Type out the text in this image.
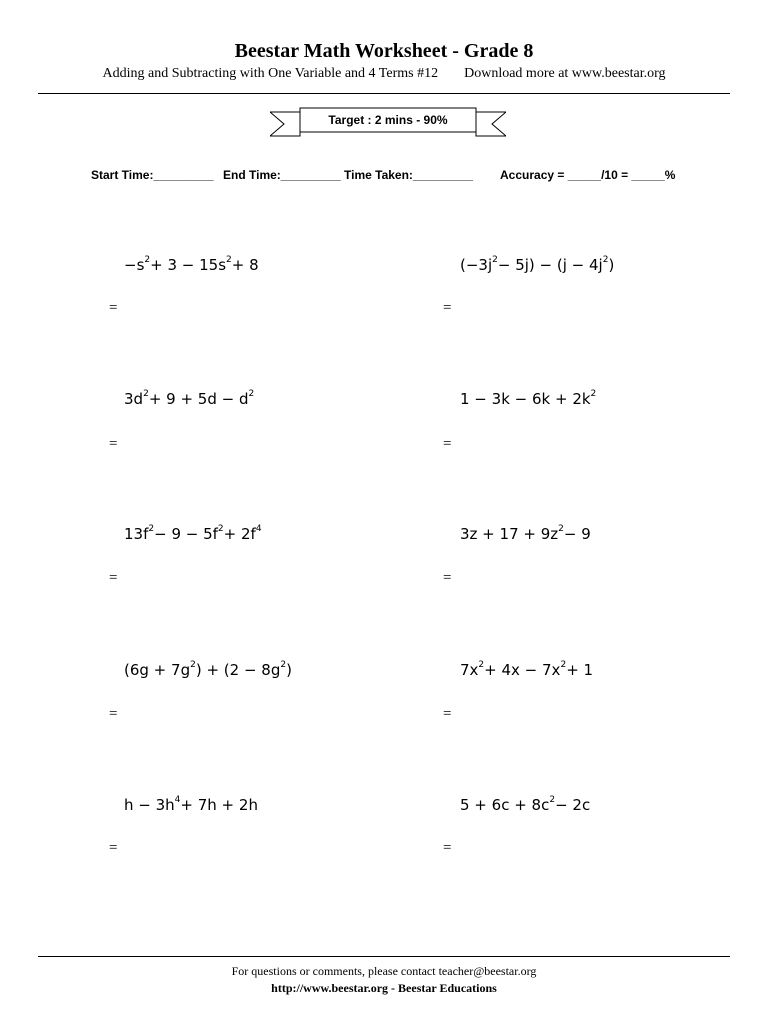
Beestar Math Worksheet - Grade 8
Adding and Subtracting with One Variable and 4 Terms #12 Download more at www.beestar.org
Target : 2 mins - 90%
Start Time:_________ End Time:_________ Time Taken:_________ Accuracy = _____/10 = _____%
$-s^2+ 3 - 15s^2+ 8$
=
$(-3j^2- 5j) - (j - 4j^2)$
=
$3d^2+ 9 + 5d - d^2$
=
$1 - 3k - 6k + 2k^2$
=
$13f^2- 9 - 5f^2+ 2f^4$
=
$3z + 17 + 9z^2- 9$
=
$(6g + 7g^2) + (2 - 8g^2)$
=
$7x^2+ 4x - 7x^2+ 1$
=
$h - 3h^4+ 7h + 2h$
=
$5 + 6c + 8c^2- 2c$
=
For questions or comments, please contact teacher@beestar.org
http://www.beestar.org - Beestar Educations
